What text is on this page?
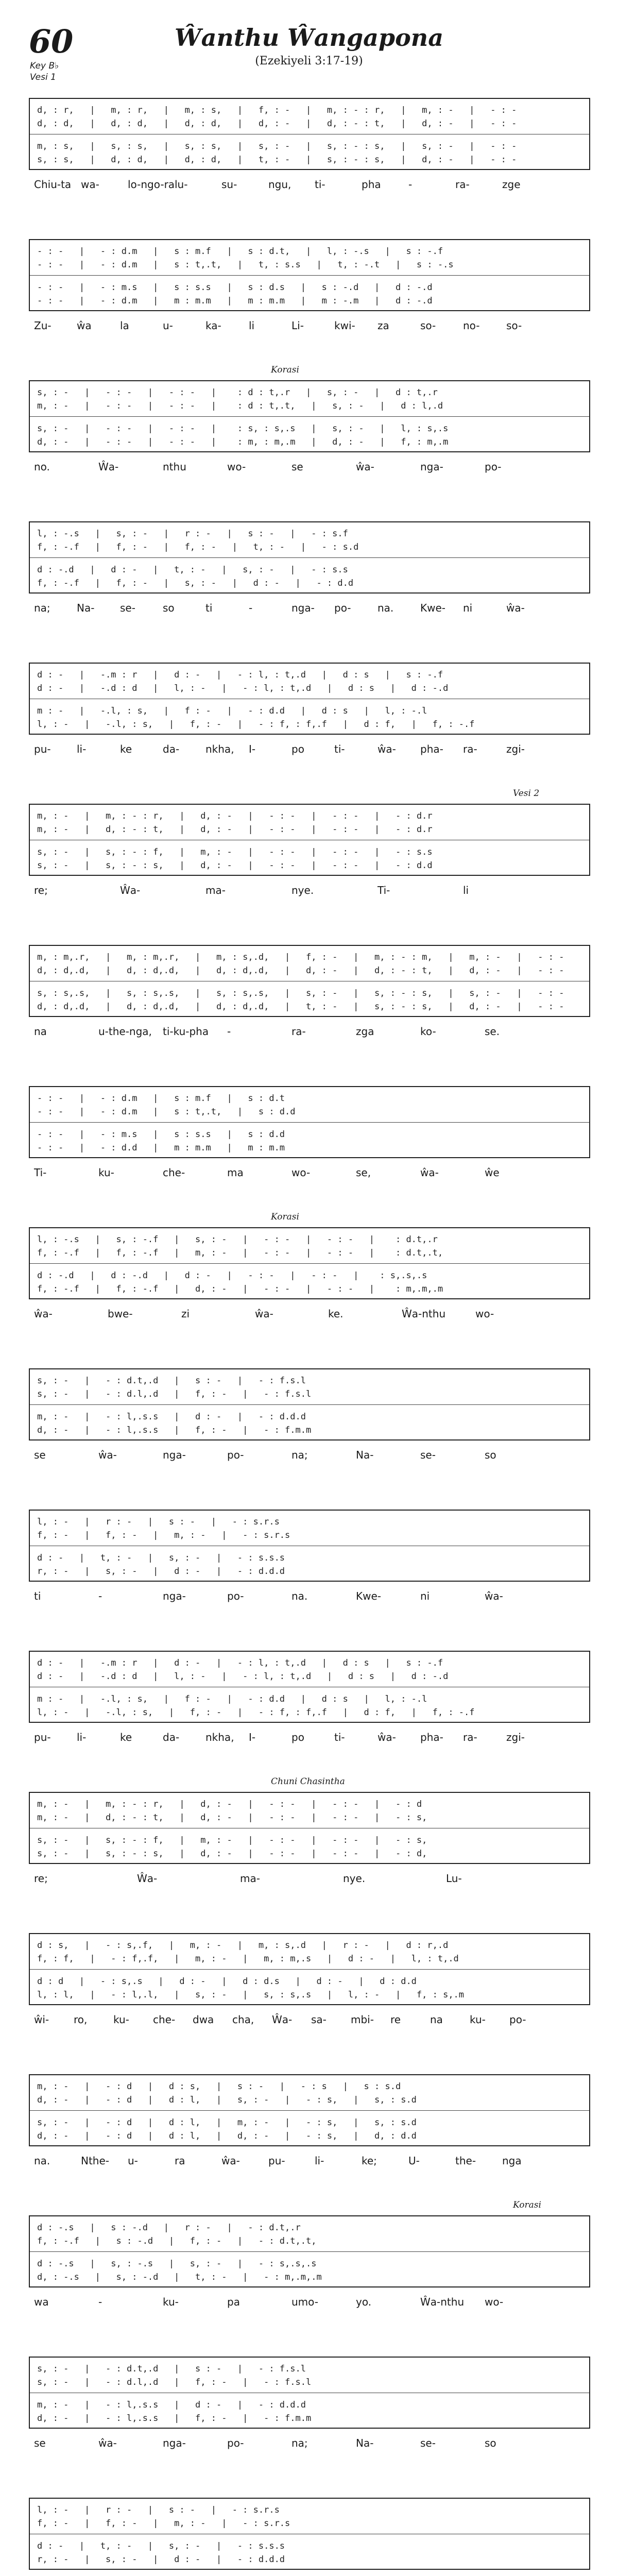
60
Key B♭
Vesi 1
Ŵanthu Ŵangapona
(Ezekiyeli 3:17-19)
d, : r,   |   m, : r,   |   m, : s,   |   f, : -   |   m, : - : r,   |   m, : -   |   - : -
d, : d,   |   d, : d,   |   d, : d,   |   d, : -   |   d, : - : t,   |   d, : -   |   - : -
m, : s,   |   s, : s,   |   s, : s,   |   s, : -   |   s, : - : s,   |   s, : -   |   - : -
s, : s,   |   d, : d,   |   d, : d,   |   t, : -   |   s, : - : s,   |   d, : -   |   - : -
Chiu-ta wa-	lo-ngo-ra lu-	su-	ngu, ti-	pha	-	ra-	zge
- : -   |   - : d.m   |   s : m.f   |   s : d.t,   |   l, : -.s   |   s : -.f
- : -   |   - : d.m   |   s : t,.t,   |   t, : s.s   |   t, : -.t   |   s : -.s
- : -   |   - : m.s   |   s : s.s   |   s : d.s   |   s : -.d   |   d : -.d
- : -   |   - : d.m   |   m : m.m   |   m : m.m   |   m : -.m   |   d : -.d
Zu- ŵa	la	u-	ka-	li	Li-	kwi- za	so-	no-	so-
Korasi
s, : -   |   - : -   |   - : -   |    : d : t,.r   |   s, : -   |   d : t,.r
m, : -   |   - : -   |   - : -   |    : d : t,.t,   |   s, : -   |   d : l,.d
s, : -   |   - : -   |   - : -   |    : s, : s,.s   |   s, : -   |   l, : s,.s
d, : -   |   - : -   |   - : -   |    : m, : m,.m   |   d, : -   |   f, : m,.m
no.	Ŵa-	nthu	wo-	se	ŵa-	nga-	po-
l, : -.s   |   s, : -   |   r : -   |   s : -   |   - : s.f
f, : -.f   |   f, : -   |   f, : -   |   t, : -   |   - : s.d
d : -.d   |   d : -   |   t, : -   |   s, : -   |   - : s.s
f, : -.f   |   f, : -   |   s, : -   |   d : -   |   - : d.d
na;	Na- se-	so	ti	-	nga- po-	na.	Kwe- ni	ŵa-
d : -   |   -.m : r   |   d : -   |   - : l, : t,.d   |   d : s   |   s : -.f
d : -   |   -.d : d   |   l, : -   |   - : l, : t,.d   |   d : s   |   d : -.d
m : -   |   -.l, : s,   |   f : -   |   - : d.d   |   d : s   |   l, : -.l
l, : -   |   -.l, : s,   |   f, : -   |   - : f, : f,.f   |   d : f,   |   f, : -.f
pu-	li-	ke	da-	nkha, I-	po	ti-	ŵa- pha- ra-	zgi-
Vesi 2
m, : -   |   m, : - : r,   |   d, : -   |   - : -   |   - : -   |   - : d.r
m, : -   |   d, : - : t,   |   d, : -   |   - : -   |   - : -   |   - : d.r
s, : -   |   s, : - : f,   |   m, : -   |   - : -   |   - : -   |   - : s.s
s, : -   |   s, : - : s,   |   d, : -   |   - : -   |   - : -   |   - : d.d
re;	Ŵa-	ma-	nye.	Ti-	li
m, : m,.r,   |   m, : m,.r,   |   m, : s,.d,   |   f, : -   |   m, : - : m,   |   m, : -   |   - : -
d, : d,.d,   |   d, : d,.d,   |   d, : d,.d,   |   d, : -   |   d, : - : t,   |   d, : -   |   - : -
s, : s,.s,   |   s, : s,.s,   |   s, : s,.s,   |   s, : -   |   s, : - : s,   |   s, : -   |   - : -
d, : d,.d,   |   d, : d,.d,   |   d, : d,.d,   |   t, : -   |   s, : - : s,   |   d, : -   |   - : -
na	u-the-nga, ti-ku-pha -	ra-	zga	ko-	se.
- : -   |   - : d.m   |   s : m.f   |   s : d.t
- : -   |   - : d.m   |   s : t,.t,   |   s : d.d
- : -   |   - : m.s   |   s : s.s   |   s : d.d
- : -   |   - : d.d   |   m : m.m   |   m : m.m
Ti-	ku-	che-	ma	wo-	se,	ŵa-	ŵe
Korasi
l, : -.s   |   s, : -.f   |   s, : -   |   - : -   |   - : -   |    : d.t,.r
f, : -.f   |   f, : -.f   |   m, : -   |   - : -   |   - : -   |    : d.t,.t,
d : -.d   |   d : -.d   |   d : -   |   - : -   |   - : -   |    : s,.s,.s
f, : -.f   |   f, : -.f   |   d, : -   |   - : -   |   - : -   |    : m,.m,.m
ŵa-	bwe-	zi	ŵa-	ke.	Ŵa-nthu	wo-
s, : -   |   - : d.t,.d   |   s : -   |   - : f.s.l
s, : -   |   - : d.l,.d   |   f, : -   |   - : f.s.l
m, : -   |   - : l,.s.s   |   d : -   |   - : d.d.d
d, : -   |   - : l,.s.s   |   f, : -   |   - : f.m.m
se	ŵa-	nga-	po-	na;	Na-	se-	so
l, : -   |   r : -   |   s : -   |   - : s.r.s
f, : -   |   f, : -   |   m, : -   |   - : s.r.s
d : -   |   t, : -   |   s, : -   |   - : s.s.s
r, : -   |   s, : -   |   d : -   |   - : d.d.d
ti	-	nga-	po-	na.	Kwe-	ni	ŵa-
d : -   |   -.m : r   |   d : -   |   - : l, : t,.d   |   d : s   |   s : -.f
d : -   |   -.d : d   |   l, : -   |   - : l, : t,.d   |   d : s   |   d : -.d
m : -   |   -.l, : s,   |   f : -   |   - : d.d   |   d : s   |   l, : -.l
l, : -   |   -.l, : s,   |   f, : -   |   - : f, : f,.f   |   d : f,   |   f, : -.f
pu-	li-	ke	da-	nkha, I-	po	ti-	ŵa- pha- ra-	zgi-
Chuni Chasintha
m, : -   |   m, : - : r,   |   d, : -   |   - : -   |   - : -   |   - : d
m, : -   |   d, : - : t,   |   d, : -   |   - : -   |   - : -   |   - : s,
s, : -   |   s, : - : f,   |   m, : -   |   - : -   |   - : -   |   - : s,
s, : -   |   s, : - : s,   |   d, : -   |   - : -   |   - : -   |   - : d,
re;	Ŵa-	ma-	nye.	Lu-
d : s,   |   - : s,.f,   |   m, : -   |   m, : s,.d   |   r : -   |   d : r,.d
f, : f,   |   - : f,.f,   |   m, : -   |   m, : m,.s   |   d : -   |   l, : t,.d
d : d   |   - : s,.s   |   d : -   |   d : d.s   |   d : -   |   d : d.d
l, : l,   |   - : l,.l,   |   s, : -   |   s, : s,.s   |   l, : -   |   f, : s,.m
ŵi- ro,	ku- che- dwa cha, Ŵa- sa- mbi- re	na	ku- po-
m, : -   |   - : d   |   d : s,   |   s : -   |   - : s   |   s : s.d
d, : -   |   - : d   |   d : l,   |   s, : -   |   - : s,   |   s, : s.d
s, : -   |   - : d   |   d : l,   |   m, : -   |   - : s,   |   s, : s.d
d, : -   |   - : d   |   d : l,   |   d, : -   |   - : s,   |   d, : d.d
na.	Nthe- u-	ra	ŵa-	pu-	li-	ke;	U-	the-	nga
Korasi
d : -.s   |   s : -.d   |   r : -   |   - : d.t,.r
f, : -.f   |   s : -.d   |   f, : -   |   - : d.t,.t,
d : -.s   |   s, : -.s   |   s, : -   |   - : s,.s,.s
d, : -.s   |   s, : -.d   |   t, : -   |   - : m,.m,.m
wa	-	ku-	pa	umo-	yo.	Ŵa-nthu wo-
s, : -   |   - : d.t,.d   |   s : -   |   - : f.s.l
s, : -   |   - : d.l,.d   |   f, : -   |   - : f.s.l
m, : -   |   - : l,.s.s   |   d : -   |   - : d.d.d
d, : -   |   - : l,.s.s   |   f, : -   |   - : f.m.m
se	ŵa-	nga-	po-	na;	Na-	se-	so
l, : -   |   r : -   |   s : -   |   - : s.r.s
f, : -   |   f, : -   |   m, : -   |   - : s.r.s
d : -   |   t, : -   |   s, : -   |   - : s.s.s
r, : -   |   s, : -   |   d : -   |   - : d.d.d
